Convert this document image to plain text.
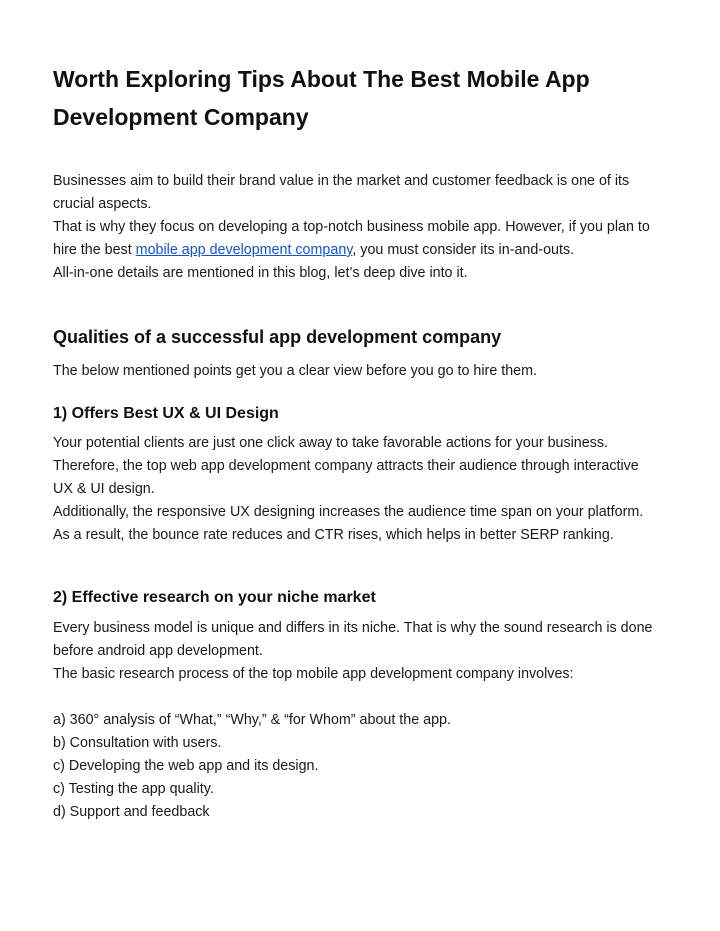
Worth Exploring Tips About The Best Mobile App Development Company

Businesses aim to build their brand value in the market and customer feedback is one of its crucial aspects.

That is why they focus on developing a top-notch business mobile app. However, if you plan to hire the best mobile app development company, you must consider its in-and-outs.

All-in-one details are mentioned in this blog, let’s deep dive into it.

Qualities of a successful app development company

The below mentioned points get you a clear view before you go to hire them.

1) Offers Best UX & UI Design

Your potential clients are just one click away to take favorable actions for your business. Therefore, the top web app development company attracts their audience through interactive UX & UI design.

Additionally, the responsive UX designing increases the audience time span on your platform. As a result, the bounce rate reduces and CTR rises, which helps in better SERP ranking.

2) Effective research on your niche market

Every business model is unique and differs in its niche. That is why the sound research is done before android app development.

The basic research process of the top mobile app development company involves:

a) 360° analysis of “What,” “Why,” & “for Whom” about the app.
b) Consultation with users.
c) Developing the web app and its design.
c) Testing the app quality.
d) Support and feedback
